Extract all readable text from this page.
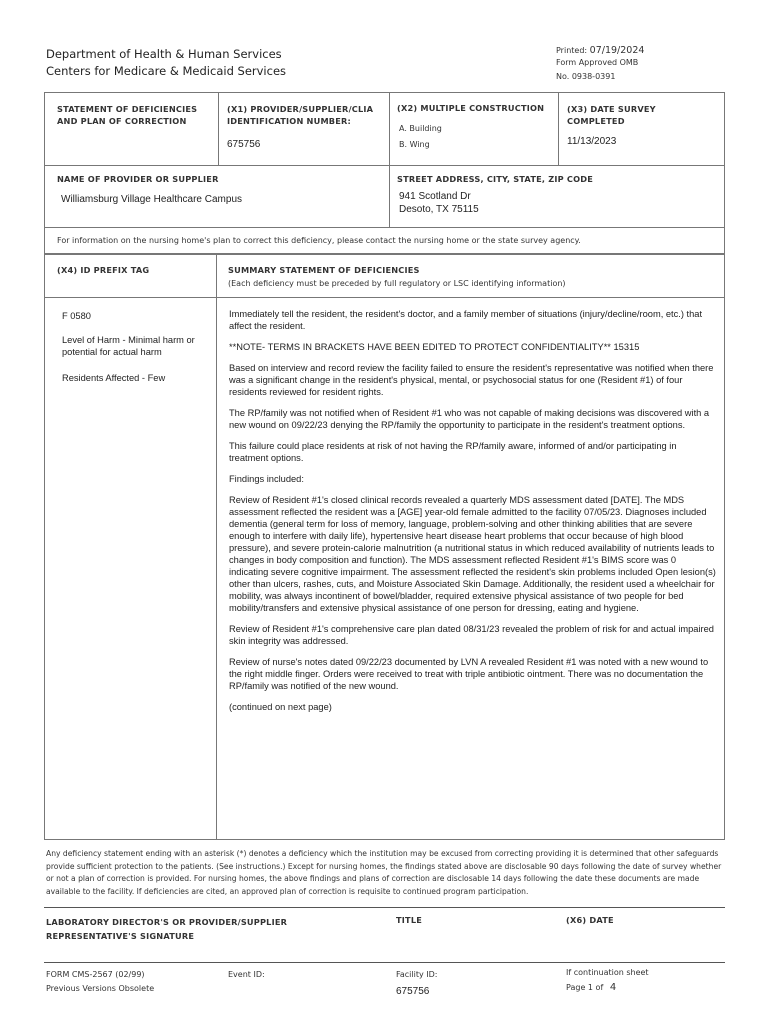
Department of Health & Human Services
Centers for Medicare & Medicaid Services
Printed: 07/19/2024
Form Approved OMB
No. 0938-0391
STATEMENT OF DEFICIENCIES AND PLAN OF CORRECTION
(X1) PROVIDER/SUPPLIER/CLIA IDENTIFICATION NUMBER:
675756
(X2) MULTIPLE CONSTRUCTION
A. Building
B. Wing
(X3) DATE SURVEY COMPLETED
11/13/2023
NAME OF PROVIDER OR SUPPLIER
Williamsburg Village Healthcare Campus
STREET ADDRESS, CITY, STATE, ZIP CODE
941 Scotland Dr
Desoto, TX 75115
For information on the nursing home's plan to correct this deficiency, please contact the nursing home or the state survey agency.
(X4) ID PREFIX TAG	SUMMARY STATEMENT OF DEFICIENCIES
(Each deficiency must be preceded by full regulatory or LSC identifying information)
F 0580
Level of Harm - Minimal harm or potential for actual harm
Residents Affected - Few

Immediately tell the resident, the resident's doctor, and a family member of situations (injury/decline/room, etc.) that affect the resident.

**NOTE- TERMS IN BRACKETS HAVE BEEN EDITED TO PROTECT CONFIDENTIALITY** 15315

Based on interview and record review the facility failed to ensure the resident's representative was notified when there was a significant change in the resident's physical, mental, or psychosocial status for one (Resident #1) of four residents reviewed for resident rights.

The RP/family was not notified when of Resident #1 who was not capable of making decisions was discovered with a new wound on 09/22/23 denying the RP/family the opportunity to participate in the resident's treatment options.

This failure could place residents at risk of not having the RP/family aware, informed of and/or participating in treatment options.

Findings included:

Review of Resident #1's closed clinical records revealed a quarterly MDS assessment dated [DATE]. The MDS assessment reflected the resident was a [AGE] year-old female admitted to the facility 07/05/23. Diagnoses included dementia (general term for loss of memory, language, problem-solving and other thinking abilities that are severe enough to interfere with daily life), hypertensive heart disease heart problems that occur because of high blood pressure), and severe protein-calorie malnutrition (a nutritional status in which reduced availability of nutrients leads to changes in body composition and function). The MDS assessment reflected Resident #1's BIMS score was 0 indicating severe cognitive impairment. The assessment reflected the resident's skin problems included Open lesion(s) other than ulcers, rashes, cuts, and Moisture Associated Skin Damage. Additionally, the resident used a wheelchair for mobility, was always incontinent of bowel/bladder, required extensive physical assistance of two people for bed mobility/transfers and extensive physical assistance of one person for dressing, eating and hygiene.

Review of Resident #1's comprehensive care plan dated 08/31/23 revealed the problem of risk for and actual impaired skin integrity was addressed.

Review of nurse's notes dated 09/22/23 documented by LVN A revealed Resident #1 was noted with a new wound to the right middle finger. Orders were received to treat with triple antibiotic ointment. There was no documentation the RP/family was notified of the new wound.

(continued on next page)

Any deficiency statement ending with an asterisk (*) denotes a deficiency which the institution may be excused from correcting providing it is determined that other safeguards provide sufficient protection to the patients. (See instructions.) Except for nursing homes, the findings stated above are disclosable 90 days following the date of survey whether or not a plan of correction is provided. For nursing homes, the above findings and plans of correction are disclosable 14 days following the date these documents are made available to the facility. If deficiencies are cited, an approved plan of correction is requisite to continued program participation.
LABORATORY DIRECTOR'S OR PROVIDER/SUPPLIER REPRESENTATIVE'S SIGNATURE
TITLE	(X6) DATE
FORM CMS-2567 (02/99)
Previous Versions Obsolete
Event ID:	Facility ID:
675756
If continuation sheet
Page 1 of 4
